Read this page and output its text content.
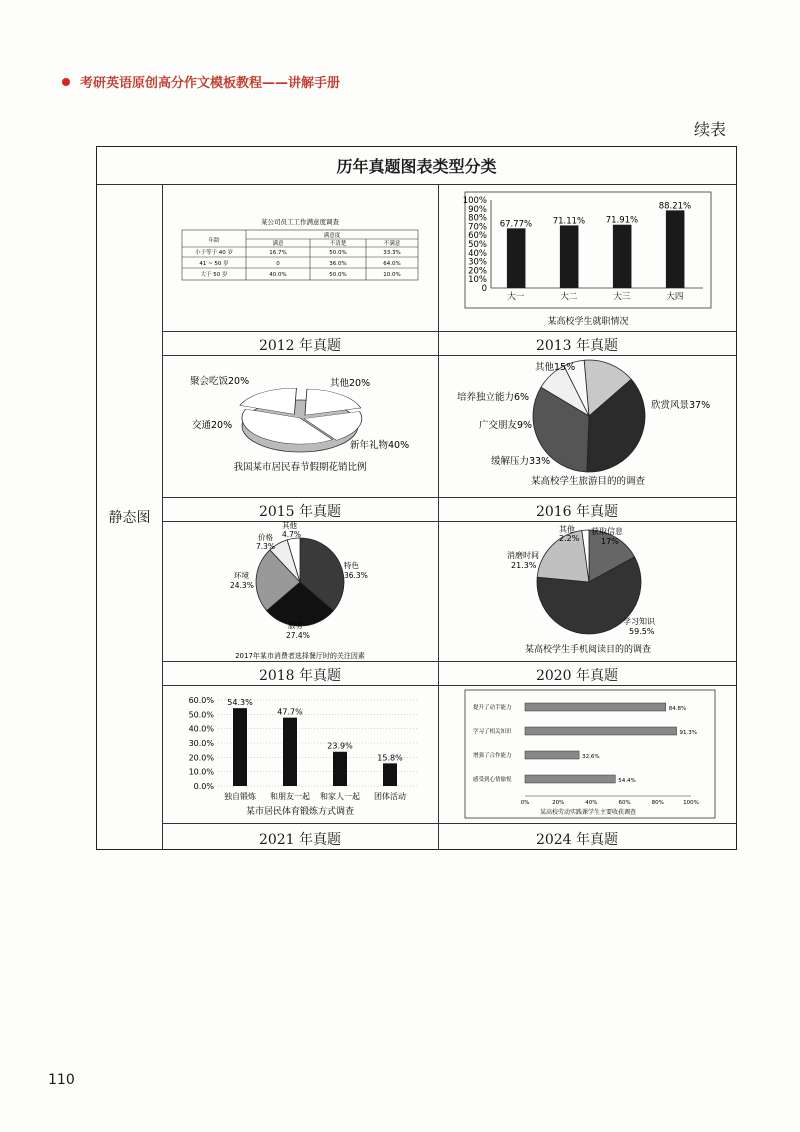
考研英语原创高分作文模板教程——讲解手册
续表
历年真题图表类型分类
静态图
2012 年真题	2013 年真题
2015 年真题	2016 年真题
2018 年真题	2020 年真题
2021 年真题	2024 年真题
某公司员工工作满意度调查
年龄
满意度
满意	不清楚	不满意
小于等于 40 岁	16.7%	50.0%	33.3%
41 ~ 50 岁	0	36.0%	64.0%
大于 50 岁	40.0%	50.0%	10.0%
100%
90%
80%
70%
60%
50%
40%
30%
20%
10%
0
67.77%
大一
71.11%
大二
71.91%
大三
88.21%
大四
某高校学生就职情况
聚会吃饭20%	其他20%
交通20%
新年礼物40%
我国某市居民春节假期花销比例
其他15%
欣赏风景37%
缓解压力33%
广交朋友9%
培养独立能力6%
某高校学生旅游目的的调查
特色
36.3%
服务
27.4%
环境
24.3%
价格
7.3%
其他
4.7%
2017年某市消费者选择餐厅时的关注因素
获取信息
17%
学习知识
59.5%
消磨时间
21.3%
其他
2.2%
某高校学生手机阅读目的的调查
60.0%
50.0%
40.0%
30.0%
20.0%
10.0%
0.0%
54.3%
独自锻炼
47.7%
和朋友一起
23.9%
和家人一起
15.8%
团体活动
某市居民体育锻炼方式调查
提升了动手能力	84.8%
学习了相关知识	91.3%
增强了合作能力	32.6%
感受到心情愉悦	54.4%
0%	20%	40%	60%	80%	100%
某高校劳动实践课学生主要收获调查
110
